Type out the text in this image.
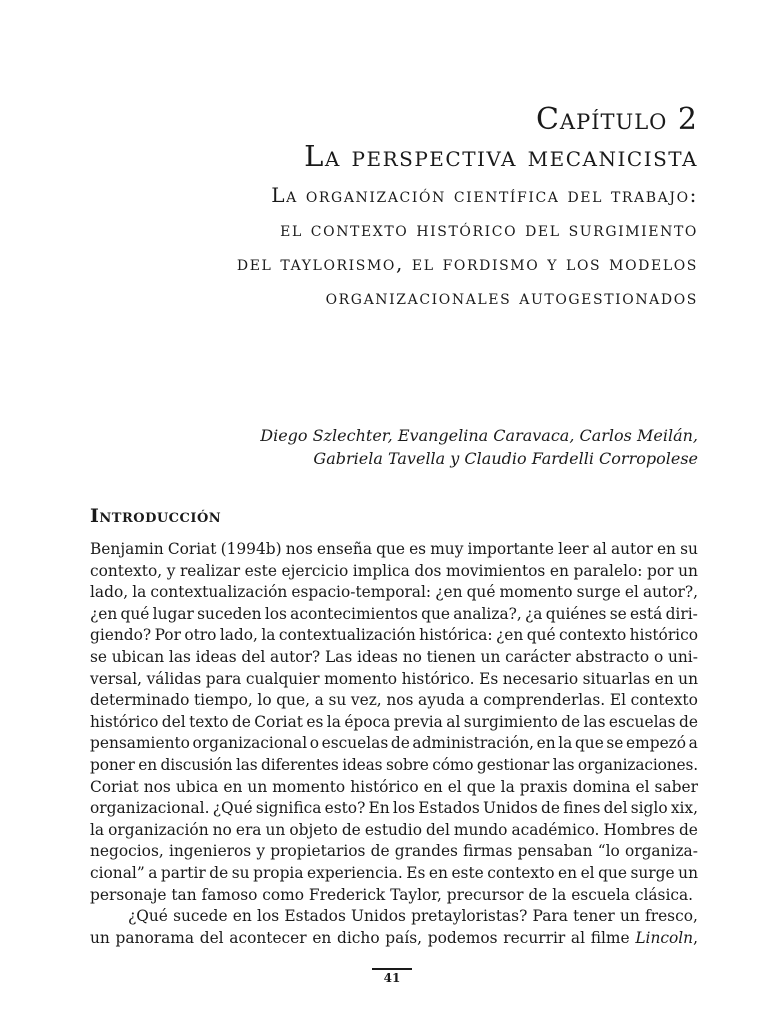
Capítulo 2
La perspectiva mecanicista
La organización científica del trabajo:
el contexto histórico del surgimiento
del taylorismo, el fordismo y los modelos
organizacionales autogestionados
Diego Szlechter, Evangelina Caravaca, Carlos Meilán,
Gabriela Tavella y Claudio Fardelli Corropolese
Introducción
Benjamin Coriat (1994b) nos enseña que es muy importante leer al autor en su
contexto, y realizar este ejercicio implica dos movimientos en paralelo: por un
lado, la contextualización espacio-temporal: ¿en qué momento surge el autor?,
¿en qué lugar suceden los acontecimientos que analiza?, ¿a quiénes se está diri-
giendo? Por otro lado, la contextualización histórica: ¿en qué contexto histórico
se ubican las ideas del autor? Las ideas no tienen un carácter abstracto o uni-
versal, válidas para cualquier momento histórico. Es necesario situarlas en un
determinado tiempo, lo que, a su vez, nos ayuda a comprenderlas. El contexto
histórico del texto de Coriat es la época previa al surgimiento de las escuelas de
pensamiento organizacional o escuelas de administración, en la que se empezó a
poner en discusión las diferentes ideas sobre cómo gestionar las organizaciones.
Coriat nos ubica en un momento histórico en el que la praxis domina el saber
organizacional. ¿Qué significa esto? En los Estados Unidos de fines del siglo xix,
la organización no era un objeto de estudio del mundo académico. Hombres de
negocios, ingenieros y propietarios de grandes firmas pensaban “lo organiza-
cional” a partir de su propia experiencia. Es en este contexto en el que surge un
personaje tan famoso como Frederick Taylor, precursor de la escuela clásica.
¿Qué sucede en los Estados Unidos pretayloristas? Para tener un fresco,
un panorama del acontecer en dicho país, podemos recurrir al filme Lincoln,
41
